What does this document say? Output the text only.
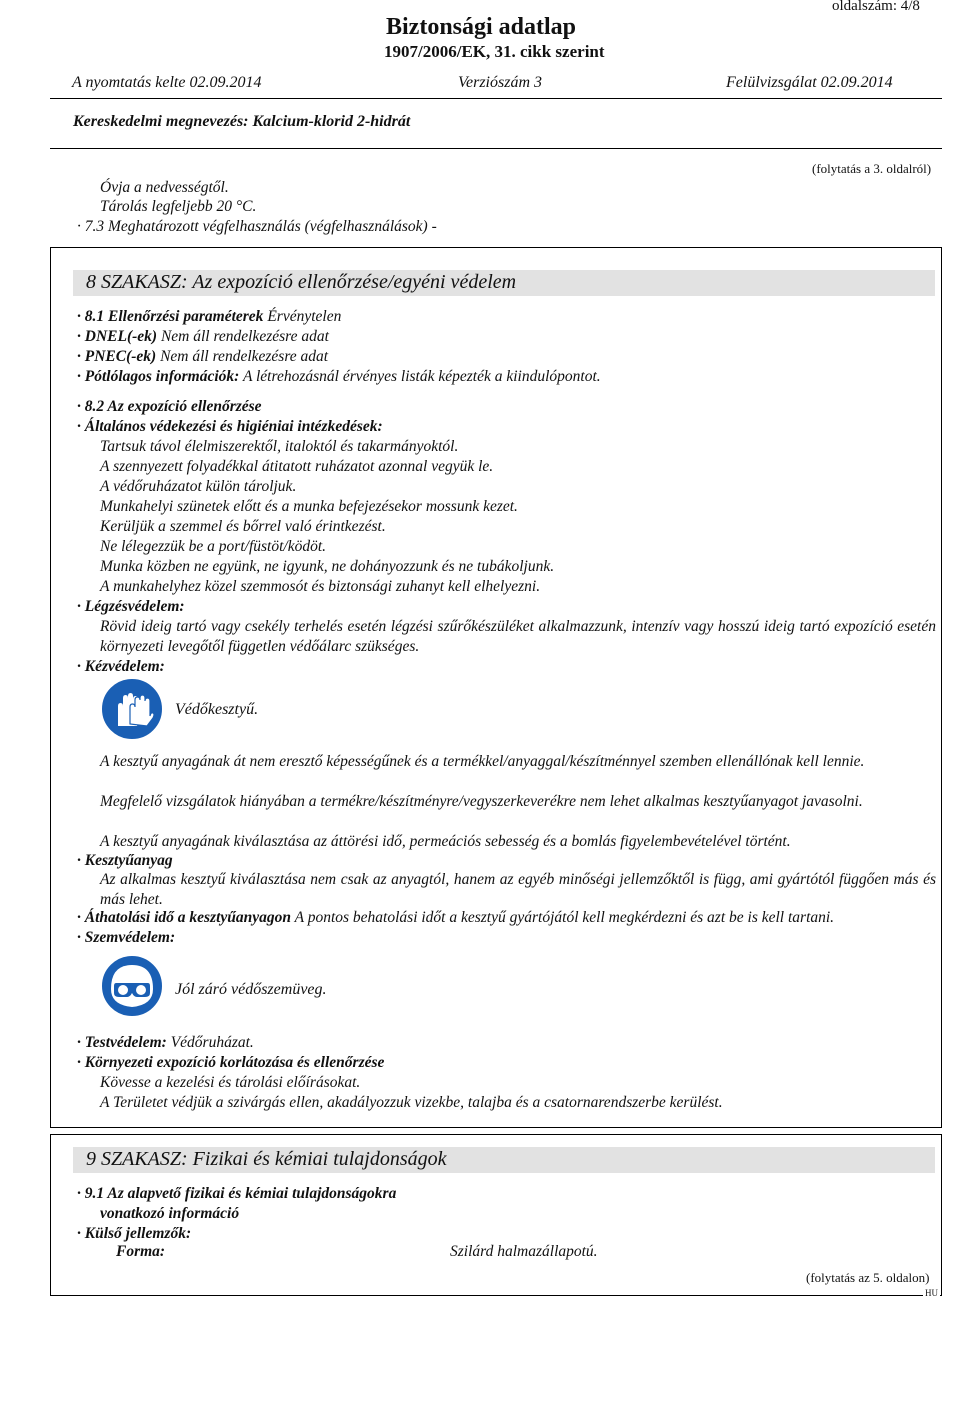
Biztonsági adatlap
1907/2006/EK, 31. cikk szerint
oldalszám: 4/8
A nyomtatás kelte 02.09.2014	Verziószám 3	Felülvizsgálat 02.09.2014
Kereskedelmi megnevezés: Kalcium-klorid 2-hidrát
(folytatás a 3. oldalról)
Óvja a nedvességtől.
Tárolás legfeljebb 20 °C.
· 7.3 Meghatározott végfelhasználás (végfelhasználások) -
8 SZAKASZ: Az expozíció ellenőrzése/egyéni védelem
· 8.1 Ellenőrzési paraméterek Érvénytelen
· DNEL(-ek) Nem áll rendelkezésre adat
· PNEC(-ek) Nem áll rendelkezésre adat
· Pótlólagos információk: A létrehozásnál érvényes listák képezték a kiindulópontot.
· 8.2 Az expozíció ellenőrzése
· Általános védekezési és higiéniai intézkedések:
Tartsuk távol élelmiszerektől, italoktól és takarmányoktól.
A szennyezett folyadékkal átitatott ruházatot azonnal vegyük le.
A védőruházatot külön tároljuk.
Munkahelyi szünetek előtt és a munka befejezésekor mossunk kezet.
Kerüljük a szemmel és bőrrel való érintkezést.
Ne lélegezzük be a port/füstöt/ködöt.
Munka közben ne együnk, ne igyunk, ne dohányozzunk és ne tubákoljunk.
A munkahelyhez közel szemmosót és biztonsági zuhanyt kell elhelyezni.
· Légzésvédelem:
Rövid ideig tartó vagy csekély terhelés esetén légzési szűrőkészüléket alkalmazzunk, intenzív vagy hosszú ideig tartó expozíció esetén környezeti levegőtől független védőálarc szükséges.
· Kézvédelem:
Védőkesztyű.
A kesztyű anyagának át nem eresztő képességűnek és a termékkel/anyaggal/készítménnyel szemben ellenállónak kell lennie.
Megfelelő vizsgálatok hiányában a termékre/készítményre/vegyszerkeverékre nem lehet alkalmas kesztyűanyagot javasolni.
A kesztyű anyagának kiválasztása az áttörési idő, permeációs sebesség és a bomlás figyelembevételével történt.
· Kesztyűanyag
Az alkalmas kesztyű kiválasztása nem csak az anyagtól, hanem az egyéb minőségi jellemzőktől is függ, ami gyártótól függően más és más lehet.
· Áthatolási idő a kesztyűanyagon A pontos behatolási időt a kesztyű gyártójától kell megkérdezni és azt be is kell tartani.
· Szemvédelem:
Jól záró védőszemüveg.
· Testvédelem: Védőruházat.
· Környezeti expozíció korlátozása és ellenőrzése
Kövesse a kezelési és tárolási előírásokat.
A Területet védjük a szivárgás ellen, akadályozzuk vizekbe, talajba és a csatornarendszerbe kerülést.
9 SZAKASZ: Fizikai és kémiai tulajdonságok
· 9.1 Az alapvető fizikai és kémiai tulajdonságokra
vonatkozó információ
· Külső jellemzők:
Forma:	Szilárd halmazállapotú.
(folytatás az 5. oldalon)
HU
